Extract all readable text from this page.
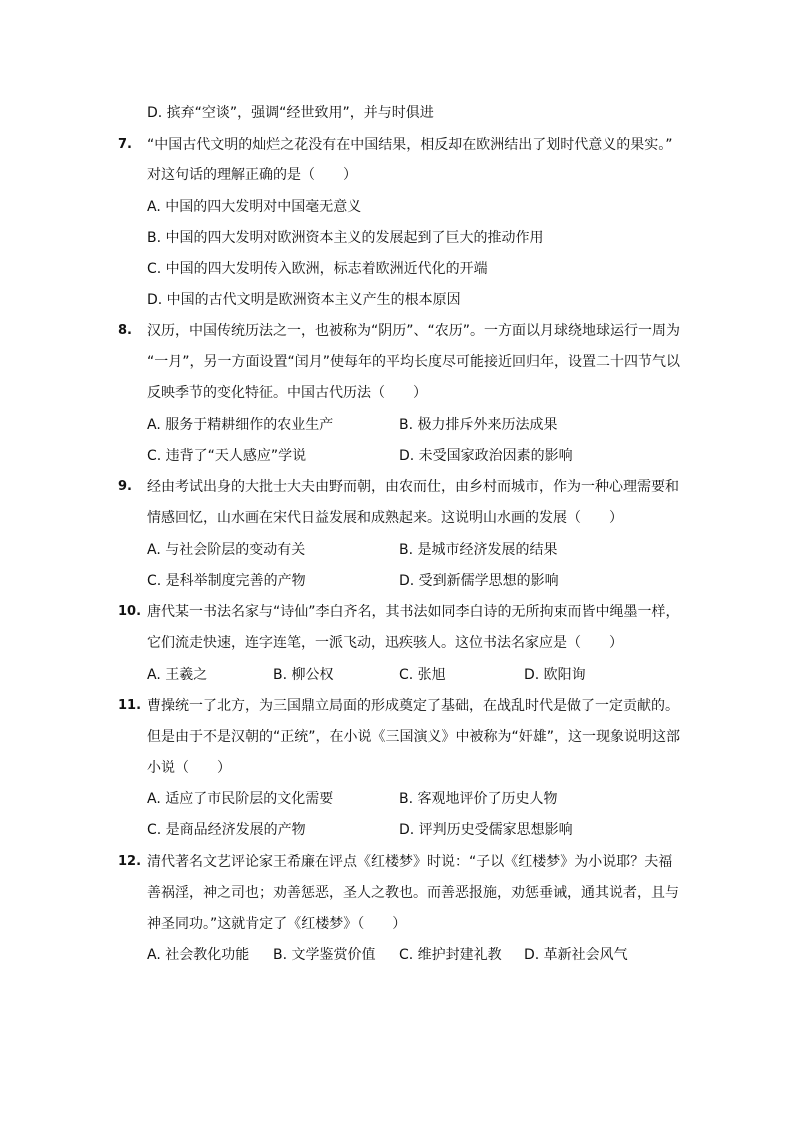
D. 摈弃“空谈”，强调“经世致用”，并与时俱进
7. “中国古代文明的灿烂之花没有在中国结果，相反却在欧洲结出了划时代意义的果实。”
对这句话的理解正确的是（　　）
A. 中国的四大发明对中国毫无意义
B. 中国的四大发明对欧洲资本主义的发展起到了巨大的推动作用
C. 中国的四大发明传入欧洲，标志着欧洲近代化的开端
D. 中国的古代文明是欧洲资本主义产生的根本原因
8. 汉历，中国传统历法之一，也被称为“阴历”、“农历”。一方面以月球绕地球运行一周为
“一月”，另一方面设置“闰月”使每年的平均长度尽可能接近回归年，设置二十四节气以
反映季节的变化特征。中国古代历法（　　）
A. 服务于精耕细作的农业生产	B. 极力排斥外来历法成果
C. 违背了“天人感应”学说	D. 未受国家政治因素的影响
9. 经由考试出身的大批士大夫由野而朝，由农而仕，由乡村而城市，作为一种心理需要和
情感回忆，山水画在宋代日益发展和成熟起来。这说明山水画的发展（　　）
A. 与社会阶层的变动有关	B. 是城市经济发展的结果
C. 是科举制度完善的产物	D. 受到新儒学思想的影响
10. 唐代某一书法名家与“诗仙”李白齐名，其书法如同李白诗的无所拘束而皆中绳墨一样，
它们流走快速，连字连笔，一派飞动，迅疾骇人。这位书法名家应是（　　）
A. 王羲之	B. 柳公权	C. 张旭	D. 欧阳询
11. 曹操统一了北方，为三国鼎立局面的形成奠定了基础，在战乱时代是做了一定贡献的。
但是由于不是汉朝的“正统”，在小说《三国演义》中被称为“奸雄”，这一现象说明这部
小说（　　）
A. 适应了市民阶层的文化需要	B. 客观地评价了历史人物
C. 是商品经济发展的产物	D. 评判历史受儒家思想影响
12. 清代著名文艺评论家王希廉在评点《红楼梦》时说：“子以《红楼梦》为小说耶？夫福
善祸淫，神之司也；劝善惩恶，圣人之教也。而善恶报施，劝惩垂诫，通其说者，且与
神圣同功。”这就肯定了《红楼梦》（　　）
A. 社会教化功能 B. 文学鉴赏价值 C. 维护封建礼教 D. 革新社会风气
